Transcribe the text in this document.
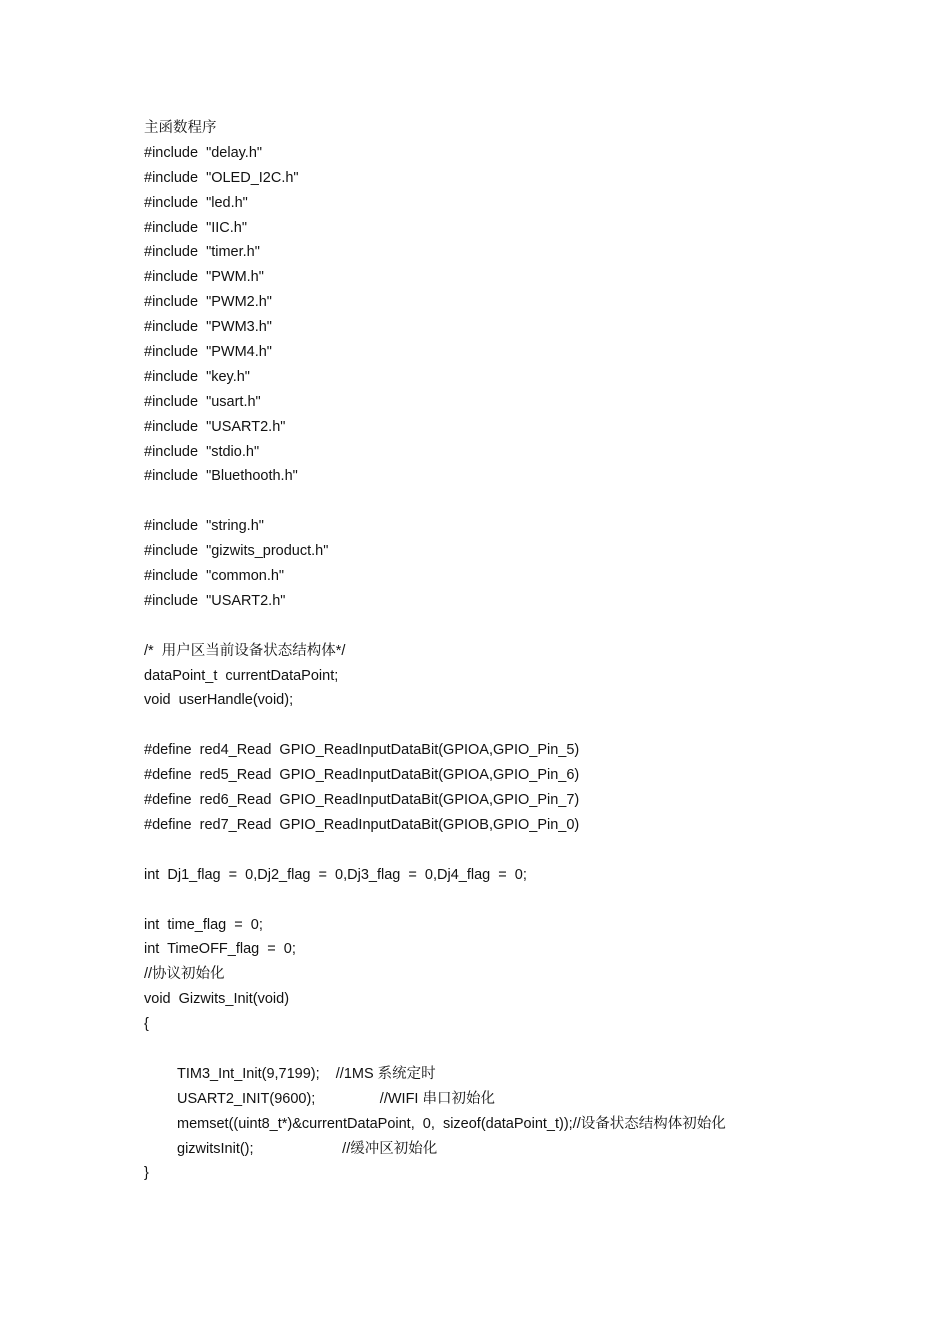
主函数程序
#include  "delay.h"
#include  "OLED_I2C.h"
#include  "led.h"
#include  "IIC.h"
#include  "timer.h"
#include  "PWM.h"
#include  "PWM2.h"
#include  "PWM3.h"
#include  "PWM4.h"
#include  "key.h"
#include  "usart.h"
#include  "USART2.h"
#include  "stdio.h"
#include  "Bluethooth.h"
#include  "string.h"
#include  "gizwits_product.h"
#include  "common.h"
#include  "USART2.h"
/*  用户区当前设备状态结构体*/
dataPoint_t  currentDataPoint;
void  userHandle(void);
#define  red4_Read  GPIO_ReadInputDataBit(GPIOA,GPIO_Pin_5)
#define  red5_Read  GPIO_ReadInputDataBit(GPIOA,GPIO_Pin_6)
#define  red6_Read  GPIO_ReadInputDataBit(GPIOA,GPIO_Pin_7)
#define  red7_Read  GPIO_ReadInputDataBit(GPIOB,GPIO_Pin_0)
int  Dj1_flag  =  0,Dj2_flag  =  0,Dj3_flag  =  0,Dj4_flag  =  0;
int  time_flag  =  0;
int  TimeOFF_flag  =  0;
//协议初始化
void  Gizwits_Init(void)
{
TIM3_Int_Init(9,7199);    //1MS 系统定时
USART2_INIT(9600);                //WIFI 串口初始化
memset((uint8_t*)&currentDataPoint,  0,  sizeof(dataPoint_t));//设备状态结构体初始化
gizwitsInit();                      //缓冲区初始化
}
